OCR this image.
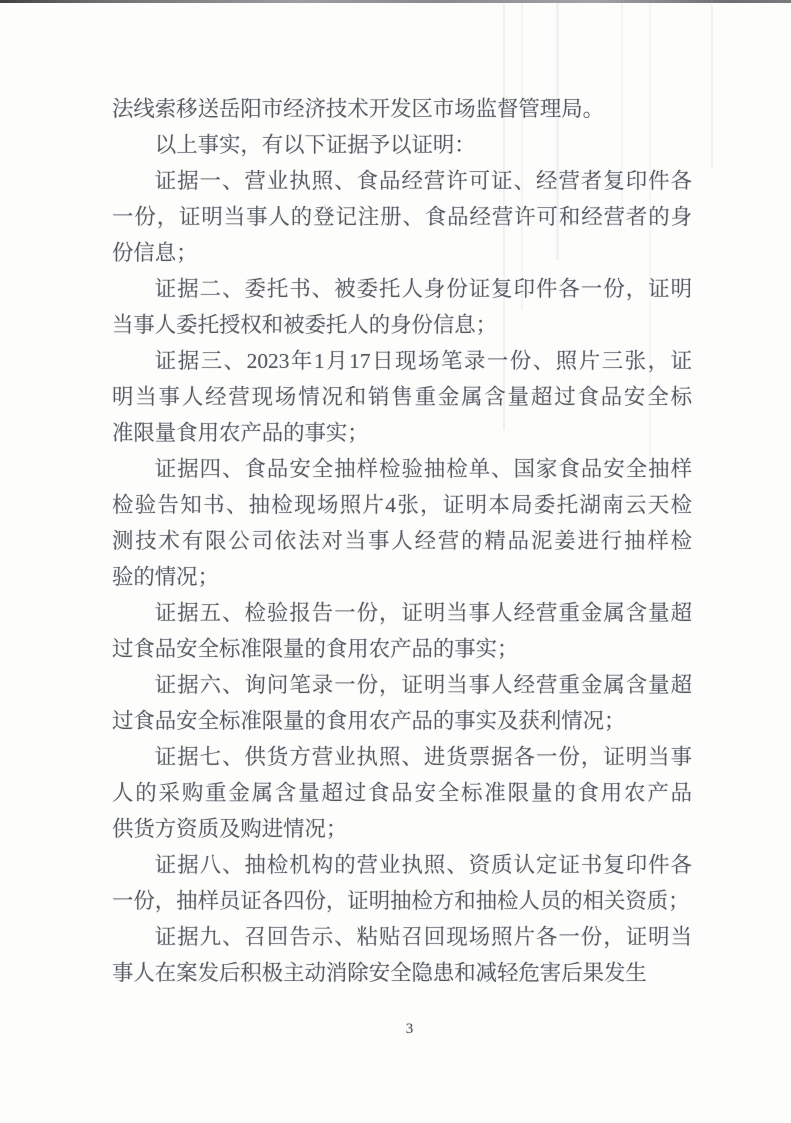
法线索移送岳阳市经济技术开发区市场监督管理局。
以上事实，有以下证据予以证明：
证据一、营业执照、食品经营许可证、经营者复印件各
一份，证明当事人的登记注册、食品经营许可和经营者的身
份信息；
证据二、委托书、被委托人身份证复印件各一份，证明
当事人委托授权和被委托人的身份信息；
证据三、2023年1月17日现场笔录一份、照片三张，证
明当事人经营现场情况和销售重金属含量超过食品安全标
准限量食用农产品的事实；
证据四、食品安全抽样检验抽检单、国家食品安全抽样
检验告知书、抽检现场照片4张，证明本局委托湖南云天检
测技术有限公司依法对当事人经营的精品泥姜进行抽样检
验的情况；
证据五、检验报告一份，证明当事人经营重金属含量超
过食品安全标准限量的食用农产品的事实；
证据六、询问笔录一份，证明当事人经营重金属含量超
过食品安全标准限量的食用农产品的事实及获利情况；
证据七、供货方营业执照、进货票据各一份，证明当事
人的采购重金属含量超过食品安全标准限量的食用农产品
供货方资质及购进情况；
证据八、抽检机构的营业执照、资质认定证书复印件各
一份，抽样员证各四份，证明抽检方和抽检人员的相关资质；
证据九、召回告示、粘贴召回现场照片各一份，证明当
事人在案发后积极主动消除安全隐患和减轻危害后果发生
3
